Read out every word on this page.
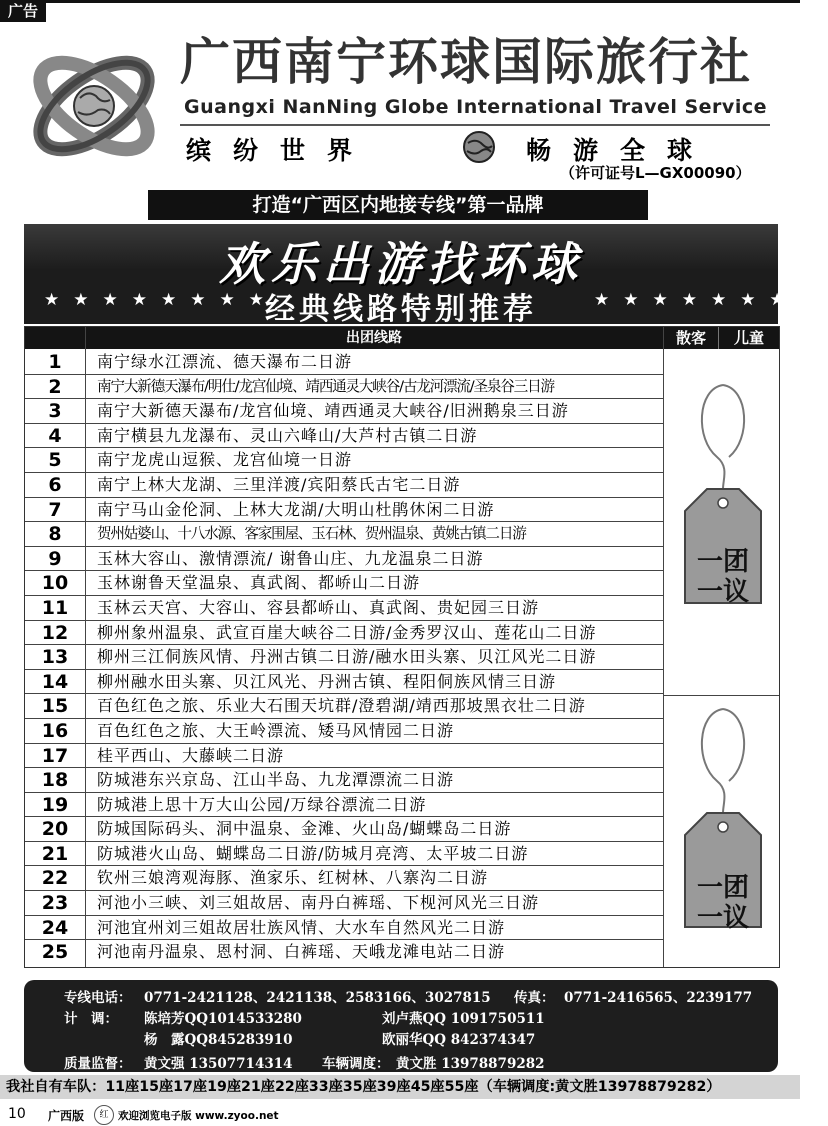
广告
广西南宁环球国际旅行社
Guangxi NanNing Globe International Travel Service
缤纷世界	畅游全球
（许可证号L—GX00090）
打造“广西区内地接专线”第一品牌
欢乐出游找环球
★★★★★★★★
经典线路特别推荐	★★★★★★★★
出团线路	散客	儿童
1	南宁绿水江漂流、德天瀑布二日游
2	南宁大新德天瀑布/明仕/龙宫仙境、靖西通灵大峡谷/古龙河漂流/圣泉谷三日游
3	南宁大新德天瀑布/龙宫仙境、靖西通灵大峡谷/旧洲鹅泉三日游
4	南宁横县九龙瀑布、灵山六峰山/大芦村古镇二日游
5	南宁龙虎山逗猴、龙宫仙境一日游
6	南宁上林大龙湖、三里洋渡/宾阳蔡氏古宅二日游
7	南宁马山金伦洞、上林大龙湖/大明山杜鹃休闲二日游
8	贺州姑婆山、十八水源、客家围屋、玉石林、贺州温泉、黄姚古镇二日游
9	玉林大容山、激情漂流/ 谢鲁山庄、九龙温泉二日游
10	玉林谢鲁天堂温泉、真武阁、都峤山二日游
11	玉林云天宫、大容山、容县都峤山、真武阁、贵妃园三日游
12	柳州象州温泉、武宣百崖大峡谷二日游/金秀罗汉山、莲花山二日游
13	柳州三江侗族风情、丹洲古镇二日游/融水田头寨、贝江风光二日游
14	柳州融水田头寨、贝江风光、丹洲古镇、程阳侗族风情三日游
15	百色红色之旅、乐业大石围天坑群/澄碧湖/靖西那坡黑衣壮二日游
16	百色红色之旅、大王岭漂流、矮马风情园二日游
17	桂平西山、大藤峡二日游
18	防城港东兴京岛、江山半岛、九龙潭漂流二日游
19	防城港上思十万大山公园/万绿谷漂流二日游
20	防城国际码头、洞中温泉、金滩、火山岛/蝴蝶岛二日游
21	防城港火山岛、蝴蝶岛二日游/防城月亮湾、太平坡二日游
22	钦州三娘湾观海豚、渔家乐、红树林、八寨沟二日游
23	河池小三峡、刘三姐故居、南丹白裤瑶、下枧河风光三日游
24	河池宜州刘三姐故居壮族风情、大水车自然风光二日游
25	河池南丹温泉、恩村洞、白裤瑶、天峨龙滩电站二日游
一团
一议
一团
一议
专线电话： 0771-2421128、2421138、2583166、3027815 传真： 0771-2416565、2239177
计　调： 陈培芳QQ1014533280	刘卢燕QQ 1091750511
杨　露QQ845283910	欧丽华QQ 842374347
质量监督： 黄文强 13507714314 车辆调度： 黄文胜 13978879282
我社自有车队：11座15座17座19座21座22座33座35座39座45座55座（车辆调度:黄文胜13978879282）
10 广西版	红 欢迎浏览电子版 www.zyoo.net
